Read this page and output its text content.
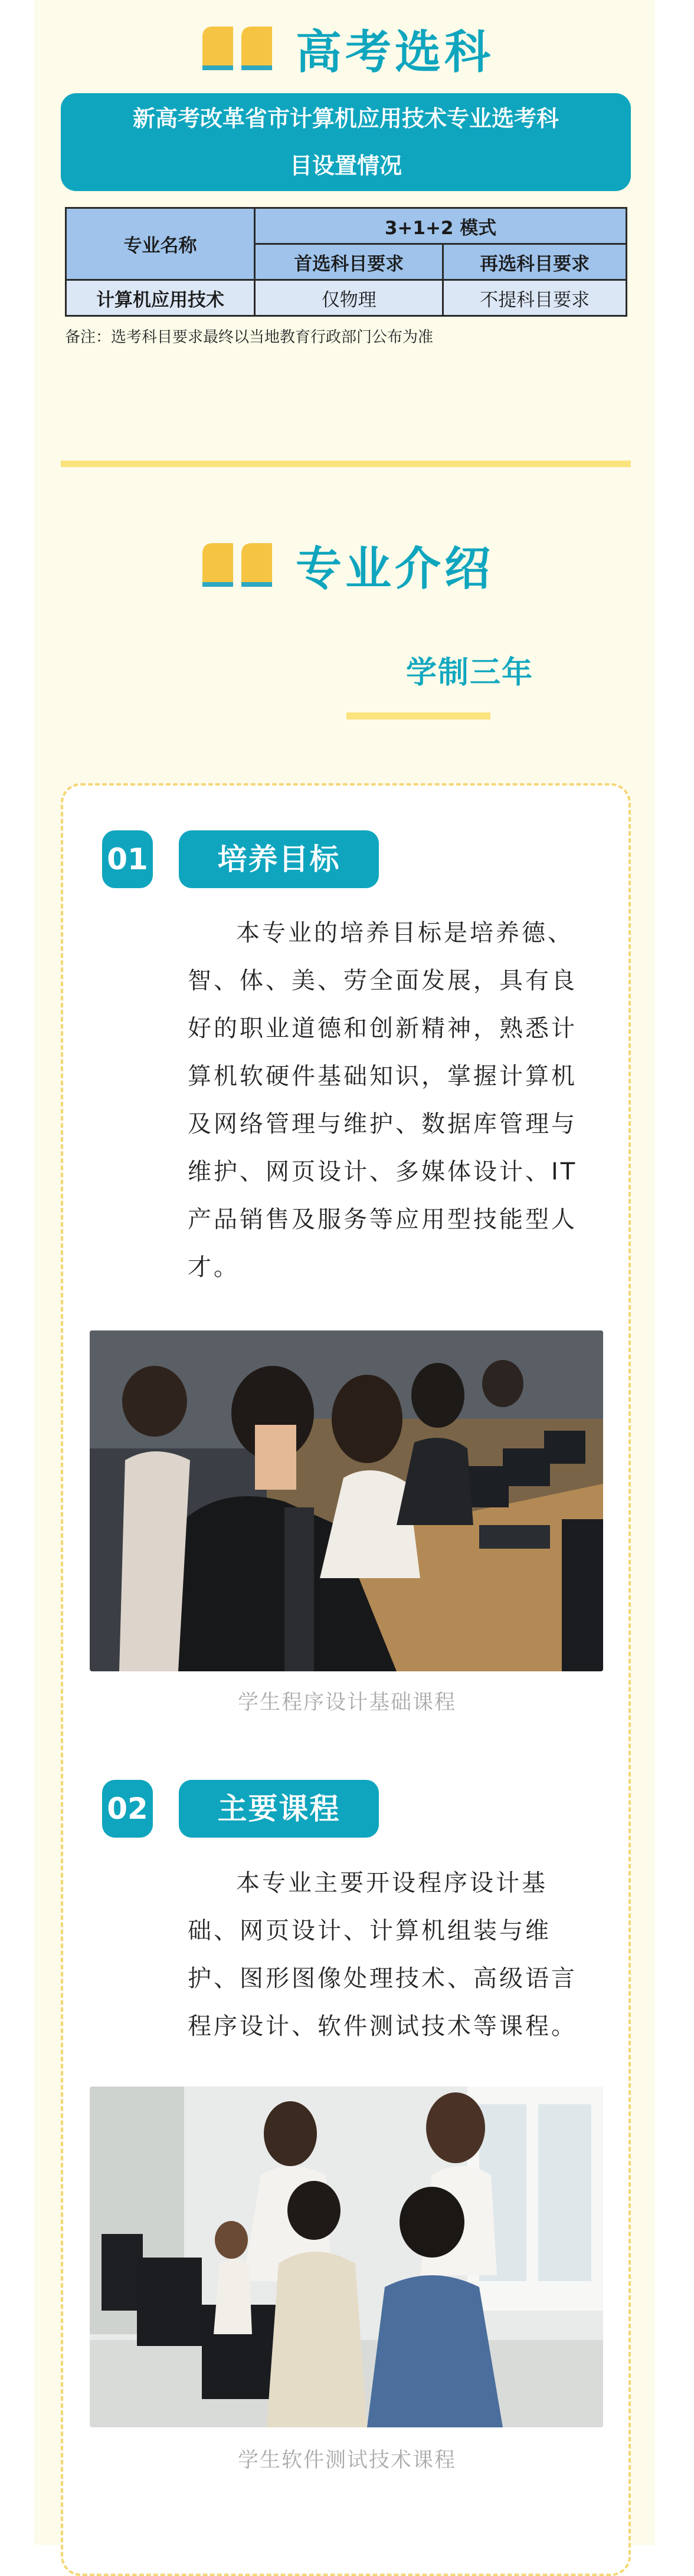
高考选科
新高考改革省市计算机应用技术专业选考科
目设置情况
专业名称	3+1+2 模式	
	首选科目要求	再选科目要求
计算机应用技术	仅物理	不提科目要求
备注：选考科目要求最终以当地教育行政部门公布为准
专业介绍
学制三年
01	培养目标
本专业的培养目标是培养德、
智、体、美、劳全面发展，具有良
好的职业道德和创新精神，熟悉计
算机软硬件基础知识，掌握计算机
及网络管理与维护、数据库管理与
维护、网页设计、多媒体设计、IT
产品销售及服务等应用型技能型人
才。
学生程序设计基础课程
02	主要课程
本专业主要开设程序设计基
础、网页设计、计算机组装与维
护、图形图像处理技术、高级语言
程序设计、软件测试技术等课程。
学生软件测试技术课程
